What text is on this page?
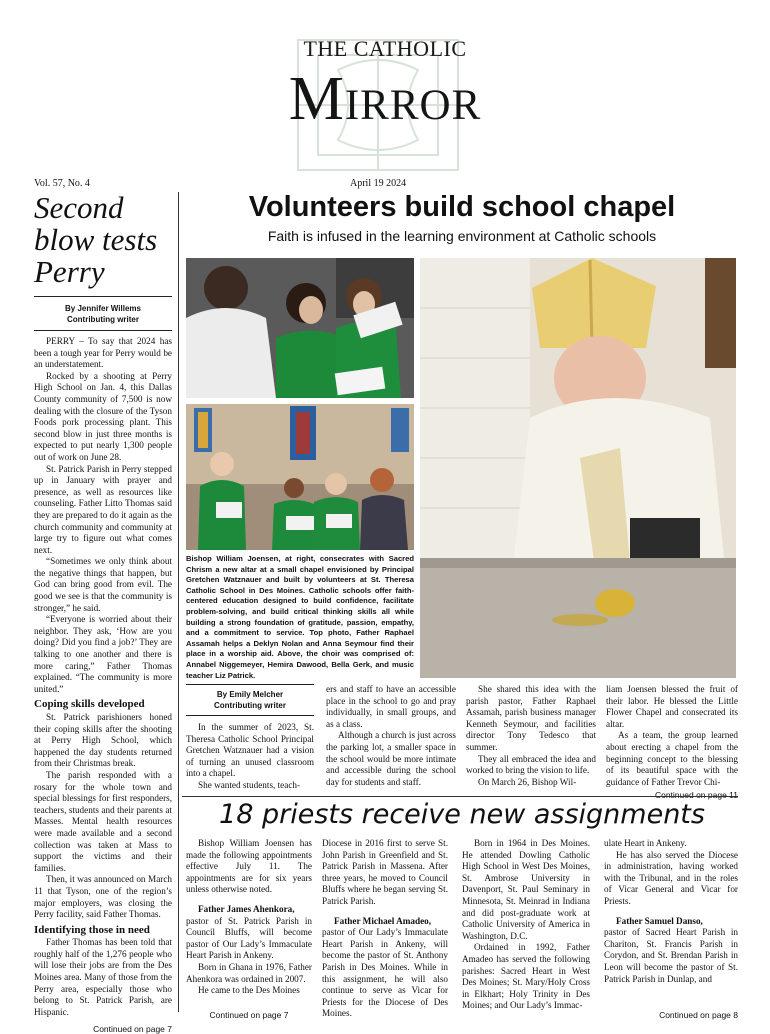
THE CATHOLIC
Mirror
Vol. 57, No. 4	April 19 2024
Second blow tests Perry
By Jennifer Willems
Contributing writer

PERRY – To say that 2024 has been a tough year for Perry would be an understatement.

Rocked by a shooting at Perry High School on Jan. 4, this Dallas County community of 7,500 is now dealing with the closure of the Tyson Foods pork processing plant. This second blow in just three months is expected to put nearly 1,300 people out of work on June 28.

St. Patrick Parish in Perry stepped up in January with prayer and presence, as well as resources like counseling. Father Litto Thomas said they are prepared to do it again as the church community and community at large try to figure out what comes next.

“Sometimes we only think about the negative things that happen, but God can bring good from evil. The good we see is that the community is stronger,” he said.

“Everyone is worried about their neighbor. They ask, ‘How are you doing? Did you find a job?’ They are talking to one another and there is more caring,” Father Thomas explained. “The community is more united.”

Coping skills developed

St. Patrick parishioners honed their coping skills after the shooting at Perry High School, which happened the day students returned from their Christmas break.

The parish responded with a rosary for the whole town and special blessings for first responders, teachers, students and their parents at Masses. Mental health resources were made available and a second collection was taken at Mass to support the victims and their families.

Then, it was announced on March 11 that Tyson, one of the region’s major employers, was closing the Perry facility, said Father Thomas.

Identifying those in need

Father Thomas has been told that roughly half of the 1,276 people who will lose their jobs are from the Des Moines area. Many of those from the Perry area, especially those who belong to St. Patrick Parish, are Hispanic.

Continued on page 7
Volunteers build school chapel
Faith is infused in the learning environment at Catholic schools
Bishop William Joensen, at right, consecrates with Sacred Chrism a new altar at a small chapel envisioned by Principal Gretchen Watznauer and built by volunteers at St. Theresa Catholic School in Des Moines. Catholic schools offer faith-centered education designed to build confidence, facilitate problem-solving, and build critical thinking skills all while building a strong foundation of gratitude, passion, empathy, and a commitment to service. Top photo, Father Raphael Assamah helps a Deklyn Nolan and Anna Seymour find their place in a worship aid. Above, the choir was comprised of: Annabel Niggemeyer, Hemira Dawood, Bella Gerk, and music teacher Liz Patrick.
By Emily Melcher
Contributing writer

In the summer of 2023, St. Theresa Catholic School Principal Gretchen Watznauer had a vision of turning an unused classroom into a chapel.

She wanted students, teach-

ers and staff to have an accessible place in the school to go and pray individually, in small groups, and as a class.

Although a church is just across the parking lot, a smaller space in the school would be more intimate and accessible during the school day for students and staff.

She shared this idea with the parish pastor, Father Raphael Assamah, parish business manager Kenneth Seymour, and facilities director Tony Tedesco that summer.

They all embraced the idea and worked to bring the vision to life.

On March 26, Bishop Wil-

liam Joensen blessed the fruit of their labor. He blessed the Little Flower Chapel and consecrated its altar.

As a team, the group learned about erecting a chapel from the beginning concept to the blessing of its beautiful space with the guidance of Father Trevor Chi-

18 priests receive new assignments

Bishop William Joensen has made the following appointments effective July 11. The appointments are for six years unless otherwise noted.

Father James Ahenkora,

pastor of St. Patrick Parish in Council Bluffs, will become pastor of Our Lady’s Immaculate Heart Parish in Ankeny.

Born in Ghana in 1976, Father Ahenkora was ordained in 2007.

He came to the Des Moines

Diocese in 2016 first to serve St. John Parish in Greenfield and St. Patrick Parish in Massena. After three years, he moved to Council Bluffs where he began serving St. Patrick Parish.

Father Michael Amadeo,

pastor of Our Lady’s Immaculate Heart Parish in Ankeny, will become the pastor of St. Anthony Parish in Des Moines. While in this assignment, he will also continue to serve as Vicar for Priests for the Diocese of Des Moines.

Born in 1964 in Des Moines. He attended Dowling Catholic High School in West Des Moines, St. Ambrose University in Davenport, St. Paul Seminary in Minnesota, St. Meinrad in Indiana and did post-graduate work at Catholic University of America in Washington, D.C.

Ordained in 1992, Father Amadeo has served the following parishes: Sacred Heart in West Des Moines; St. Mary/Holy Cross in Elkhart; Holy Trinity in Des Moines; and Our Lady’s Immac-

ulate Heart in Ankeny.

He has also served the Diocese in administration, having worked with the Tribunal, and in the roles of Vicar General and Vicar for Priests.

Father Samuel Danso,

pastor of Sacred Heart Parish in Chariton, St. Francis Parish in Corydon, and St. Brendan Parish in Leon will become the pastor of St. Patrick Parish in Dunlap, and

Continued on page 7	Continued on page 8
